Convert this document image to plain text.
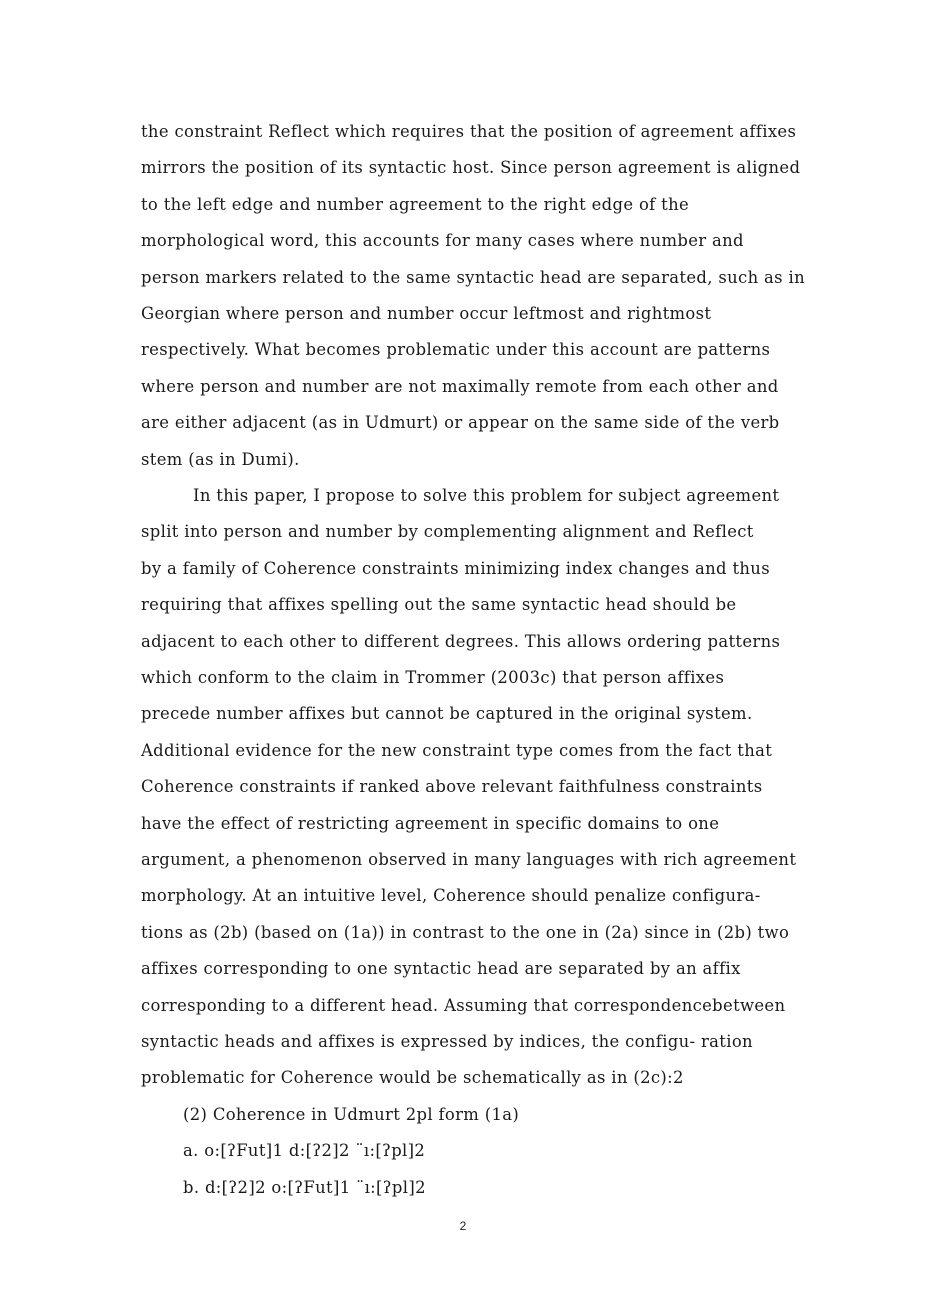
the constraint Reflect which requires that the position of agreement affixes
mirrors the position of its syntactic host. Since person agreement is aligned
to the left edge and number agreement to the right edge of the
morphological word, this accounts for many cases where number and
person markers related to the same syntactic head are separated, such as in
Georgian where person and number occur leftmost and rightmost
respectively. What becomes problematic under this account are patterns
where person and number are not maximally remote from each other and
are either adjacent (as in Udmurt) or appear on the same side of the verb
stem (as in Dumi).
In this paper, I propose to solve this problem for subject agreement
split into person and number by complementing alignment and Reflect
by a family of Coherence constraints minimizing index changes and thus
requiring that affixes spelling out the same syntactic head should be
adjacent to each other to different degrees. This allows ordering patterns
which conform to the claim in Trommer (2003c) that person affixes
precede number affixes but cannot be captured in the original system.
Additional evidence for the new constraint type comes from the fact that
Coherence constraints if ranked above relevant faithfulness constraints
have the effect of restricting agreement in specific domains to one
argument, a phenomenon observed in many languages with rich agreement
morphology. At an intuitive level, Coherence should penalize configura-
tions as (2b) (based on (1a)) in contrast to the one in (2a) since in (2b) two
affixes corresponding to one syntactic head are separated by an affix
corresponding to a different head. Assuming that correspondencebetween
syntactic heads and affixes is expressed by indices, the configu- ration
problematic for Coherence would be schematically as in (2c):2
(2) Coherence in Udmurt 2pl form (1a)
a. o:[ʔFut]1 d:[ʔ2]2 ¨ı:[ʔpl]2
b. d:[ʔ2]2 o:[ʔFut]1 ¨ı:[ʔpl]2
2
